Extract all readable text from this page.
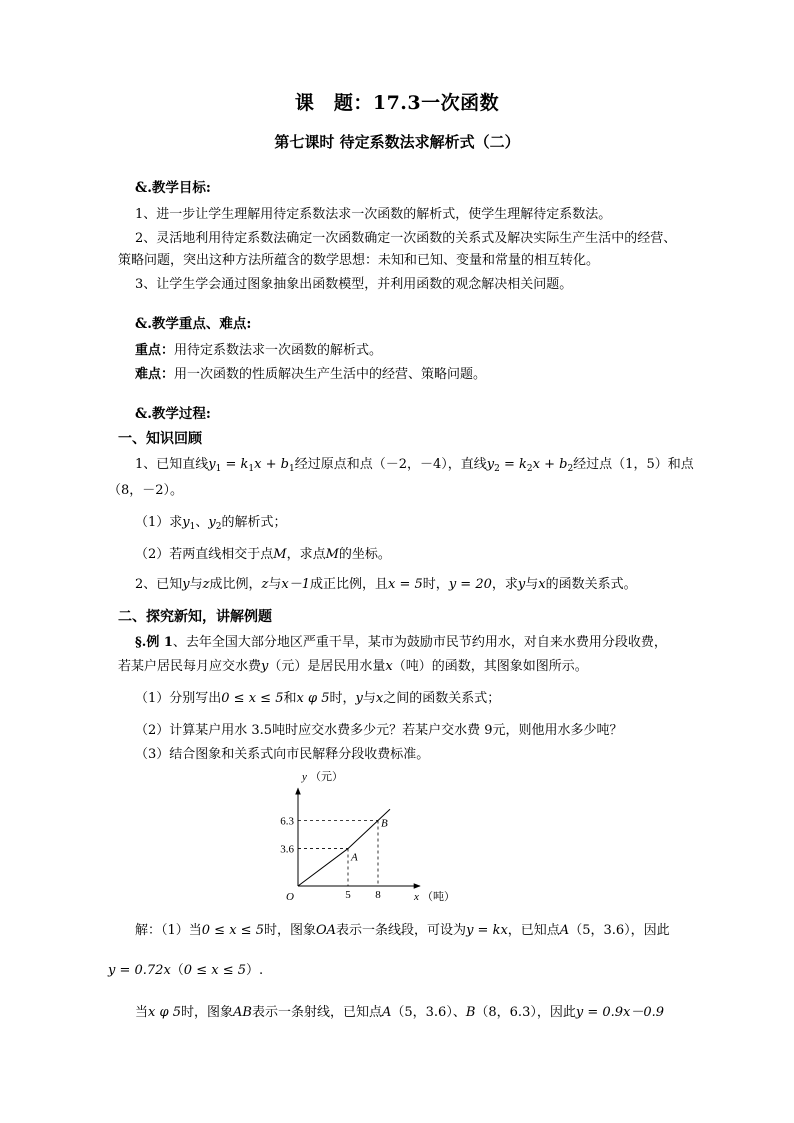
课　题：17.3一次函数
第七课时 待定系数法求解析式（二）
&.教学目标:
1、进一步让学生理解用待定系数法求一次函数的解析式，使学生理解待定系数法。
2、灵活地利用待定系数法确定一次函数确定一次函数的关系式及解决实际生产生活中的经营、
策略问题，突出这种方法所蕴含的数学思想：未知和已知、变量和常量的相互转化。
3、让学生学会通过图象抽象出函数模型，并利用函数的观念解决相关问题。
&.教学重点、难点:
重点：用待定系数法求一次函数的解析式。
难点：用一次函数的性质解决生产生活中的经营、策略问题。
&.教学过程:
一、知识回顾
1、已知直线$y_1 = k_1x + b_1$经过原点和点（－2，－4），直线$y_2 = k_2x + b_2$经过点（1，5）和点
（8，－2）。
（1）求$y_1$、$y_2$的解析式；
（2）若两直线相交于点M，求点M的坐标。
2、已知y与z成比例，z与x－1成正比例，且x = 5时，y = 20，求y与x的函数关系式。
二、探究新知，讲解例题
§.例 1、去年全国大部分地区严重干旱，某市为鼓励市民节约用水，对自来水费用分段收费，
若某户居民每月应交水费y（元）是居民用水量x（吨）的函数，其图象如图所示。
（1）分别写出0 ≤ x ≤ 5和x φ 5时，y与x之间的函数关系式；
（2）计算某户用水 3.5吨时应交水费多少元？若某户交水费 9元，则他用水多少吨？
（3）结合图象和关系式向市民解释分段收费标准。
A
3.6
5
B
6.3
8
O
y （元）
x （吨）
解：（1）当0 ≤ x ≤ 5时，图象OA表示一条线段，可设为y = kx，已知点A（5，3.6），因此
y = 0.72x（0 ≤ x ≤ 5）.
当x φ 5时，图象AB表示一条射线，已知点A（5，3.6）、B（8，6.3），因此y = 0.9x－0.9
